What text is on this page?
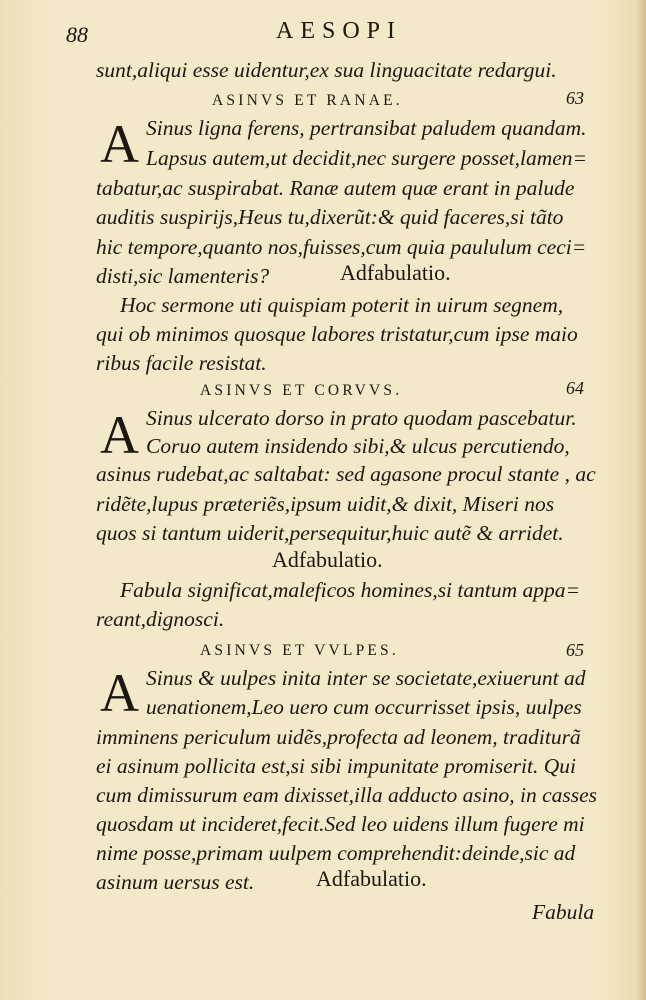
88	AESOPI
sunt,aliqui esse uidentur,ex sua linguacitate redargui.
ASINVS ET RANAE.	63
A Sinus ligna ferens, pertransibat paludem quandam.
Lapsus autem,ut decidit,nec surgere posset,lamen=
tabatur,ac suspirabat. Ranæ autem quæ erant in palude
auditis suspirijs,Heus tu,dixerũt:& quid faceres,si tãto
hic tempore,quanto nos,fuisses,cum quia paululum ceci=
disti,sic lamenteris?	Adfabulatio.
Hoc sermone uti quispiam poterit in uirum segnem,
qui ob minimos quosque labores tristatur,cum ipse maio
ribus facile resistat.
ASINVS ET CORVVS.	64
A Sinus ulcerato dorso in prato quodam pascebatur.
Coruo autem insidendo sibi,& ulcus percutiendo,
asinus rudebat,ac saltabat: sed agasone procul stante , ac
ridẽte,lupus præteriẽs,ipsum uidit,& dixit, Miseri nos
quos si tantum uiderit,persequitur,huic autẽ & arridet.
Adfabulatio.
Fabula significat,maleficos homines,si tantum appa=
reant,dignosci.
ASINVS ET VVLPES.	65
A Sinus & uulpes inita inter se societate,exiuerunt ad
uenationem,Leo uero cum occurrisset ipsis, uulpes
imminens periculum uidẽs,profecta ad leonem, traditurã
ei asinum pollicita est,si sibi impunitate promiserit. Qui
cum dimissurum eam dixisset,illa adducto asino, in casses
quosdam ut incideret,fecit.Sed leo uidens illum fugere mi
nime posse,primam uulpem comprehendit:deinde,sic ad
asinum uersus est.	Adfabulatio.
Fabula
